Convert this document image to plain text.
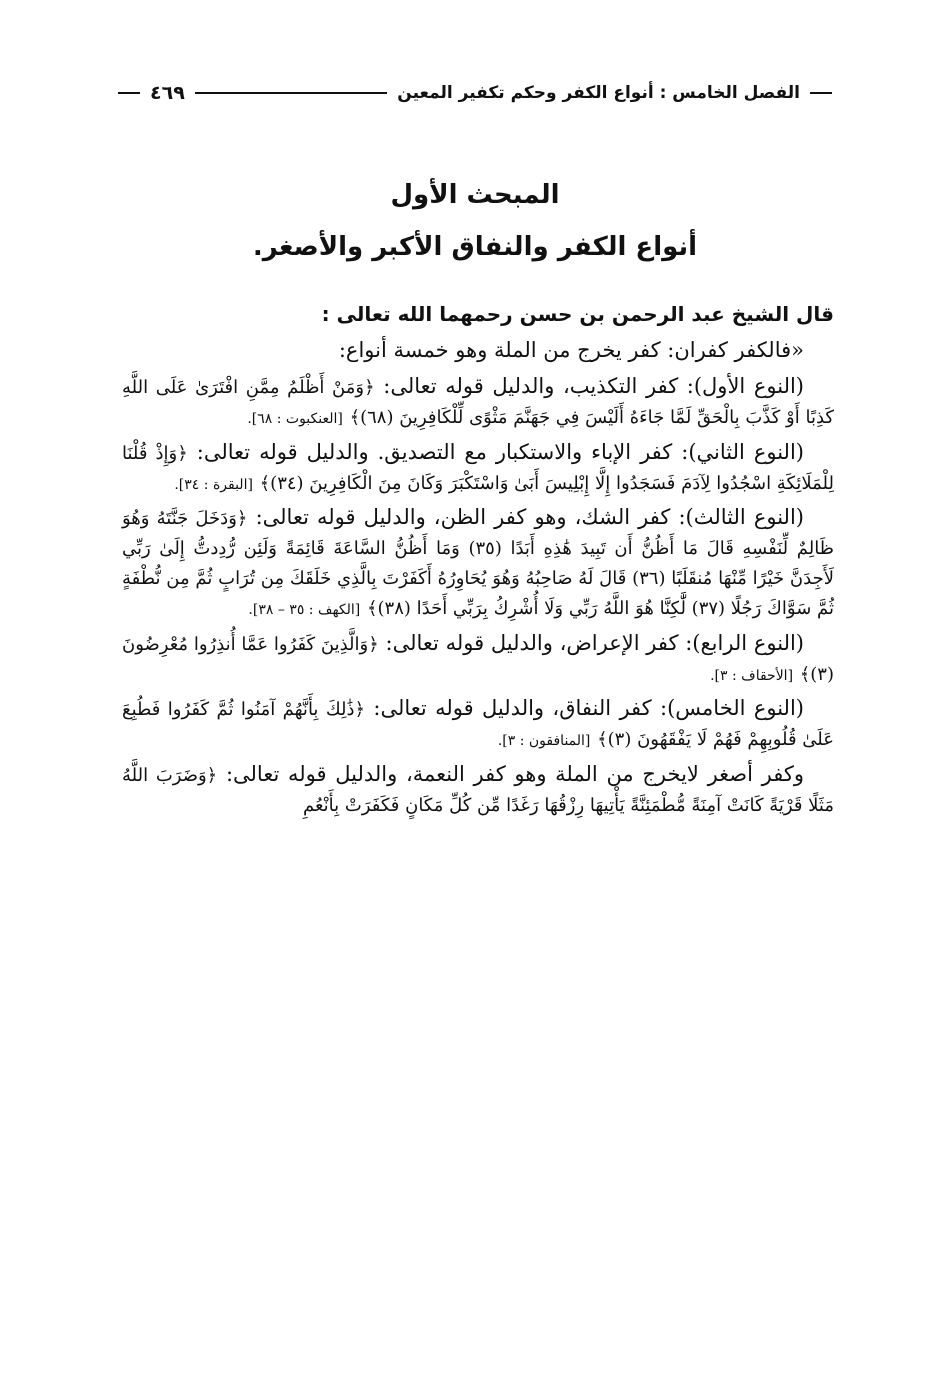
الفصل الخامس : أنواع الكفر وحكم تكفير المعين
٤٦٩
المبحث الأول
أنواع الكفر والنفاق الأكبر والأصغر.

قال الشيخ عبد الرحمن بن حسن رحمهما الله تعالى :

«فالكفر كفران: كفر يخرج من الملة وهو خمسة أنواع:

(النوع الأول): كفر التكذيب، والدليل قوله تعالى: ﴿وَمَنْ أَظْلَمُ مِمَّنِ افْتَرَىٰ عَلَى اللَّهِ كَذِبًا أَوْ كَذَّبَ بِالْحَقِّ لَمَّا جَاءَهُ أَلَيْسَ فِي جَهَنَّمَ مَثْوًى لِّلْكَافِرِينَ (٦٨)﴾ [العنكبوت : ٦٨].

(النوع الثاني): كفر الإباء والاستكبار مع التصديق. والدليل قوله تعالى: ﴿وَإِذْ قُلْنَا لِلْمَلَائِكَةِ اسْجُدُوا لِآدَمَ فَسَجَدُوا إِلَّا إِبْلِيسَ أَبَىٰ وَاسْتَكْبَرَ وَكَانَ مِنَ الْكَافِرِينَ (٣٤)﴾ [البقرة : ٣٤].

(النوع الثالث): كفر الشك، وهو كفر الظن، والدليل قوله تعالى: ﴿وَدَخَلَ جَنَّتَهُ وَهُوَ ظَالِمٌ لِّنَفْسِهِ قَالَ مَا أَظُنُّ أَن تَبِيدَ هَٰذِهِ أَبَدًا (٣٥) وَمَا أَظُنُّ السَّاعَةَ قَائِمَةً وَلَئِن رُّدِدتُّ إِلَىٰ رَبِّي لَأَجِدَنَّ خَيْرًا مِّنْهَا مُنقَلَبًا (٣٦) قَالَ لَهُ صَاحِبُهُ وَهُوَ يُحَاوِرُهُ أَكَفَرْتَ بِالَّذِي خَلَقَكَ مِن تُرَابٍ ثُمَّ مِن نُّطْفَةٍ ثُمَّ سَوَّاكَ رَجُلًا (٣٧) لَّٰكِنَّا هُوَ اللَّهُ رَبِّي وَلَا أُشْرِكُ بِرَبِّي أَحَدًا (٣٨)﴾ [الكهف : ٣٥ – ٣٨].

(النوع الرابع): كفر الإعراض، والدليل قوله تعالى: ﴿وَالَّذِينَ كَفَرُوا عَمَّا أُنذِرُوا مُعْرِضُونَ (٣)﴾ [الأحقاف : ٣].

(النوع الخامس): كفر النفاق، والدليل قوله تعالى: ﴿ذَٰلِكَ بِأَنَّهُمْ آمَنُوا ثُمَّ كَفَرُوا فَطُبِعَ عَلَىٰ قُلُوبِهِمْ فَهُمْ لَا يَفْقَهُونَ (٣)﴾ [المنافقون : ٣].

وكفر أصغر لايخرج من الملة وهو كفر النعمة، والدليل قوله تعالى: ﴿وَضَرَبَ اللَّهُ مَثَلًا قَرْيَةً كَانَتْ آمِنَةً مُّطْمَئِنَّةً يَأْتِيهَا رِزْقُهَا رَغَدًا مِّن كُلِّ مَكَانٍ فَكَفَرَتْ بِأَنْعُمِ
